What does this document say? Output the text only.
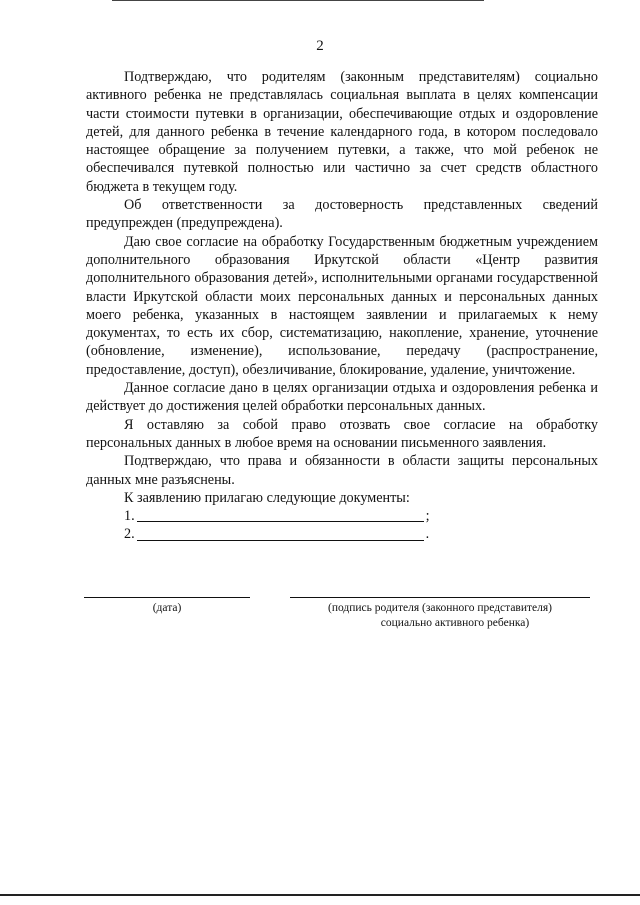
2

Подтверждаю, что родителям (законным представителям) социально активного ребенка не представлялась социальная выплата в целях компенсации части стоимости путевки в организации, обеспечивающие отдых и оздоровление детей, для данного ребенка в течение календарного года, в котором последовало настоящее обращение за получением путевки, а также, что мой ребенок не обеспечивался путевкой полностью или частично за счет средств областного бюджета в текущем году.

Об ответственности за достоверность представленных сведений предупрежден (предупреждена).

Даю свое согласие на обработку Государственным бюджетным учреждением дополнительного образования Иркутской области «Центр развития дополнительного образования детей», исполнительными органами государственной власти Иркутской области моих персональных данных и персональных данных моего ребенка, указанных в настоящем заявлении и прилагаемых к нему документах, то есть их сбор, систематизацию, накопление, хранение, уточнение (обновление, изменение), использование, передачу (распространение, предоставление, доступ), обезличивание, блокирование, удаление, уничтожение.

Данное согласие дано в целях организации отдыха и оздоровления ребенка и действует до достижения целей обработки персональных данных.

Я оставляю за собой право отозвать свое согласие на обработку персональных данных в любое время на основании письменного заявления.

Подтверждаю, что права и обязанности в области защиты персональных данных мне разъяснены.

К заявлению прилагаю следующие документы:

1.	;
2.	.
(дата)	(подпись родителя (законного представителя)
социально активного ребенка)
